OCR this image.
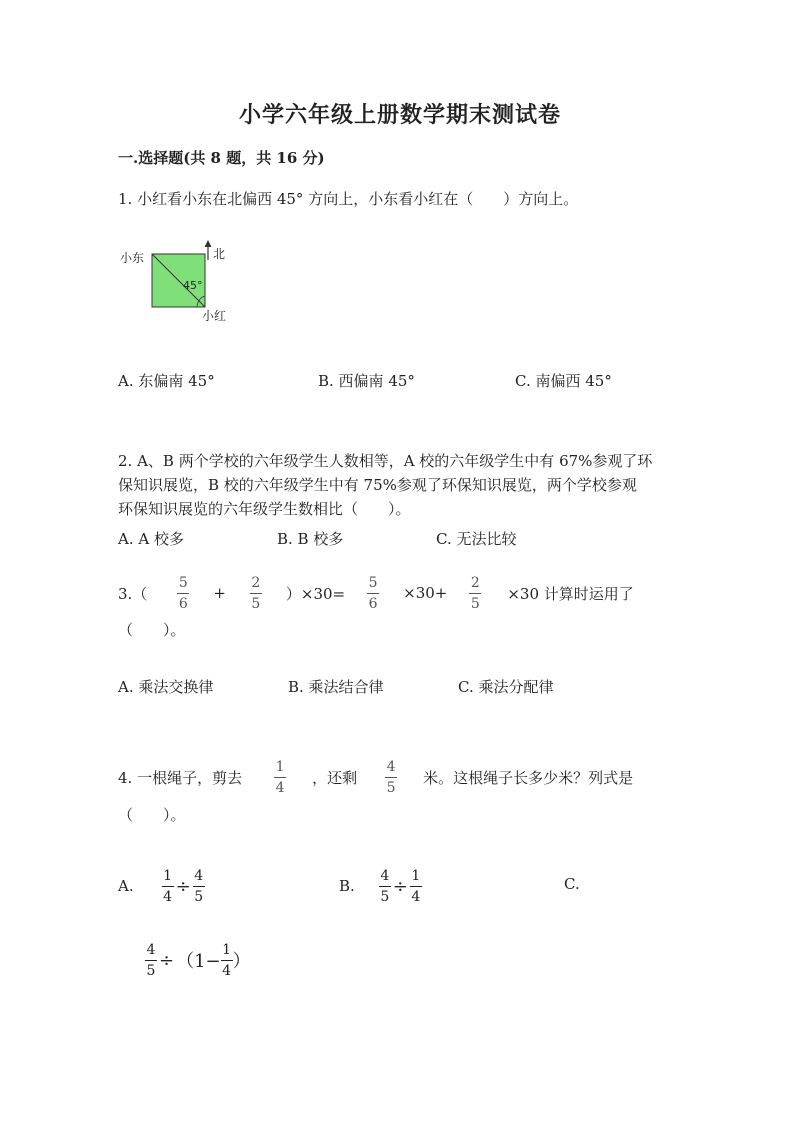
小学六年级上册数学期末测试卷
一.选择题(共 8 题，共 16 分)
1. 小红看小东在北偏西 45° 方向上，小东看小红在（　　）方向上。
小东	北
45°
小红
A. 东偏南 45°	B. 西偏南 45°	C. 南偏西 45°
2. A、B 两个学校的六年级学生人数相等，A 校的六年级学生中有 67%参观了环
保知识展览，B 校的六年级学生中有 75%参观了环保知识展览，两个学校参观
环保知识展览的六年级学生数相比（　　）。
A. A 校多	B. B 校多	C. 无法比较
$3.( \frac{5}{6} + \frac{2}{5} )\times 30= \frac{5}{6} \times 30+ \frac{2}{5} \times 30$ 计算时运用了
（　　）。
A. 乘法交换律	B. 乘法结合律	C. 乘法分配律
4. 一根绳子，剪去 $\frac{1}{4}$ ，还剩 $\frac{4}{5}$ 米。这根绳子长多少米？列式是
（　　）。
A. $\frac{1}{4} \div \frac{4}{5}$	B. $\frac{4}{5} \div \frac{1}{4}$	C.
$\frac{4}{5} \div (1- \frac{1}{4}$ ）
